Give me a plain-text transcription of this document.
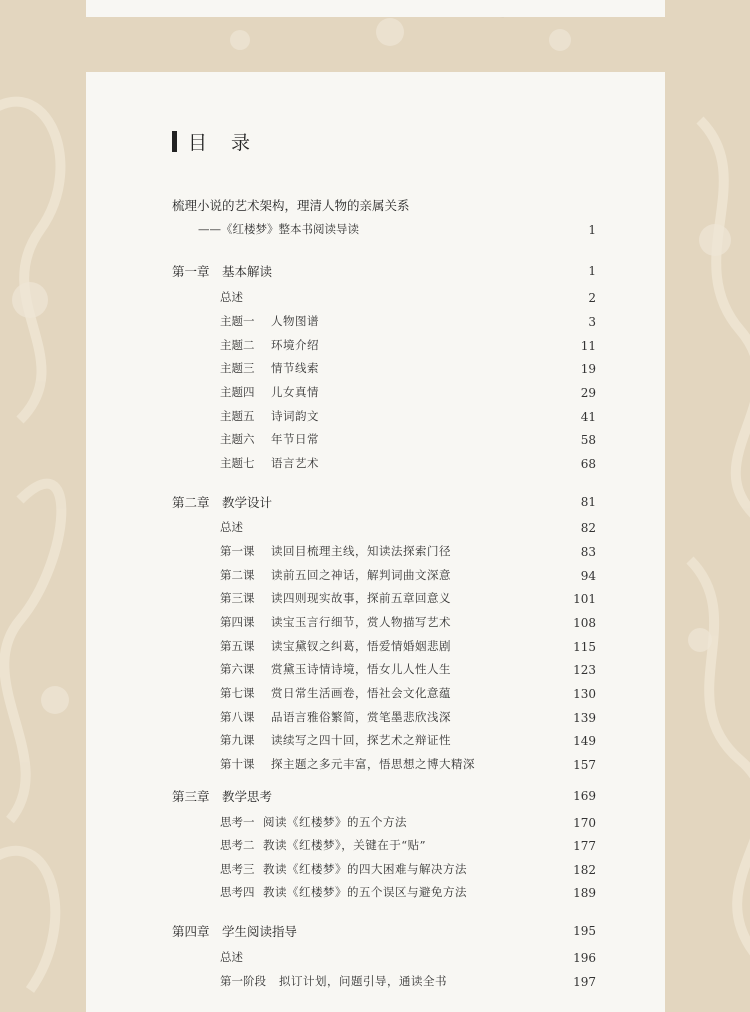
目 录
梳理小说的艺术架构，理清人物的亲属关系
——《红楼梦》整本书阅读导读	1
第一章 基本解读	1
总述	2
主题一 人物图谱	3
主题二 环境介绍	11
主题三 情节线索	19
主题四 儿女真情	29
主题五 诗词韵文	41
主题六 年节日常	58
主题七 语言艺术	68
第二章 教学设计	81
总述	82
第一课 读回目梳理主线，知读法探索门径	83
第二课 读前五回之神话，解判词曲文深意	94
第三课 读四则现实故事，探前五章回意义	101
第四课 读宝玉言行细节，赏人物描写艺术	108
第五课 读宝黛钗之纠葛，悟爱情婚姻悲剧	115
第六课 赏黛玉诗情诗境，悟女儿人性人生	123
第七课 赏日常生活画卷，悟社会文化意蕴	130
第八课 品语言雅俗繁简，赏笔墨悲欣浅深	139
第九课 读续写之四十回，探艺术之辩证性	149
第十课 探主题之多元丰富，悟思想之博大精深	157
第三章 教学思考	169
思考一 阅读《红楼梦》的五个方法	170
思考二 教读《红楼梦》，关键在于“贴”	177
思考三 教读《红楼梦》的四大困难与解决方法	182
思考四 教读《红楼梦》的五个误区与避免方法	189
第四章 学生阅读指导	195
总述	196
第一阶段 拟订计划，问题引导，通读全书	197
